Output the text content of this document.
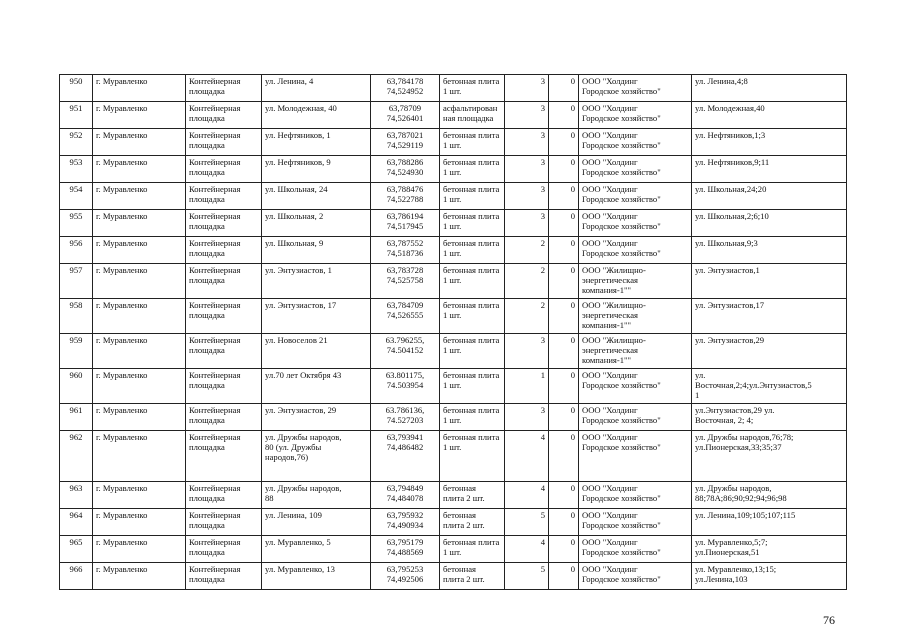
950	г. Муравленко	Контейнерная
площадка	ул. Ленина, 4	63,784178
74,524952	бетонная плита
1 шт.	3	0	ООО "Холдинг
Городское хозяйство"	ул. Ленина,4;8
951	г. Муравленко	Контейнерная
площадка	ул. Молодежная, 40	63,78709
74,526401	асфальтирован
ная площадка	3	0	ООО "Холдинг
Городское хозяйство"	ул. Молодежная,40
952	г. Муравленко	Контейнерная
площадка	ул. Нефтяников, 1	63,787021
74,529119	бетонная плита
1 шт.	3	0	ООО "Холдинг
Городское хозяйство"	ул. Нефтяников,1;3
953	г. Муравленко	Контейнерная
площадка	ул. Нефтяников, 9	63,788286
74,524930	бетонная плита
1 шт.	3	0	ООО "Холдинг
Городское хозяйство"	ул. Нефтяников,9;11
954	г. Муравленко	Контейнерная
площадка	ул. Школьная, 24	63,788476
74,522788	бетонная плита
1 шт.	3	0	ООО "Холдинг
Городское хозяйство"	ул. Школьная,24;20
955	г. Муравленко	Контейнерная
площадка	ул. Школьная, 2	63,786194
74,517945	бетонная плита
1 шт.	3	0	ООО "Холдинг
Городское хозяйство"	ул. Школьная,2;6;10
956	г. Муравленко	Контейнерная
площадка	ул. Школьная, 9	63,787552
74,518736	бетонная плита
1 шт.	2	0	ООО "Холдинг
Городское хозяйство"	ул. Школьная,9;3
957	г. Муравленко	Контейнерная
площадка	ул. Энтузиастов, 1	63,783728
74,525758	бетонная плита
1 шт.	2	0	ООО "Жилищно-
энергетическая
компания-1""	ул. Энтузиастов,1
958	г. Муравленко	Контейнерная
площадка	ул. Энтузиастов, 17	63,784709
74,526555	бетонная плита
1 шт.	2	0	ООО "Жилищно-
энергетическая
компания-1""	ул. Энтузиастов,17
959	г. Муравленко	Контейнерная
площадка	ул. Новоселов 21	63.796255,
74.504152	бетонная плита
1 шт.	3	0	ООО "Жилищно-
энергетическая
компания-1""	ул. Энтузиастов,29
960	г. Муравленко	Контейнерная
площадка	ул.70 лет Октября 43	63.801175,
74.503954	бетонная плита
1 шт.	1	0	ООО "Холдинг
Городское хозяйство"	ул.
Восточная,2;4;ул.Энтузиастов,5
1
961	г. Муравленко	Контейнерная
площадка	ул. Энтузиастов, 29	63.786136,
74.527203	бетонная плита
1 шт.	3	0	ООО "Холдинг
Городское хозяйство"	ул.Энтузиастов,29 ул.
Восточная, 2; 4;
962	г. Муравленко	Контейнерная
площадка	ул. Дружбы народов,
80 (ул. Дружбы
народов,76)	63,793941
74,486482	бетонная плита
1 шт.	4	0	ООО "Холдинг
Городское хозяйство"	ул. Дружбы народов,76;78;
ул.Пионерская,33;35;37
963	г. Муравленко	Контейнерная
площадка	ул. Дружбы народов,
88	63,794849
74,484078	бетонная
плита 2 шт.	4	0	ООО "Холдинг
Городское хозяйство"	ул. Дружбы народов,
88;78А;86;90;92;94;96;98
964	г. Муравленко	Контейнерная
площадка	ул. Ленина, 109	63,795932
74,490934	бетонная
плита 2 шт.	5	0	ООО "Холдинг
Городское хозяйство"	ул. Ленина,109;105;107;115
965	г. Муравленко	Контейнерная
площадка	ул. Муравленко, 5	63,795179
74,488569	бетонная плита
1 шт.	4	0	ООО "Холдинг
Городское хозяйство"	ул. Муравленко,5;7;
ул.Пионерская,51
966	г. Муравленко	Контейнерная
площадка	ул. Муравленко, 13	63,795253
74,492506	бетонная
плита 2 шт.	5	0	ООО "Холдинг
Городское хозяйство"	ул. Муравленко,13;15;
ул.Ленина,103
76
